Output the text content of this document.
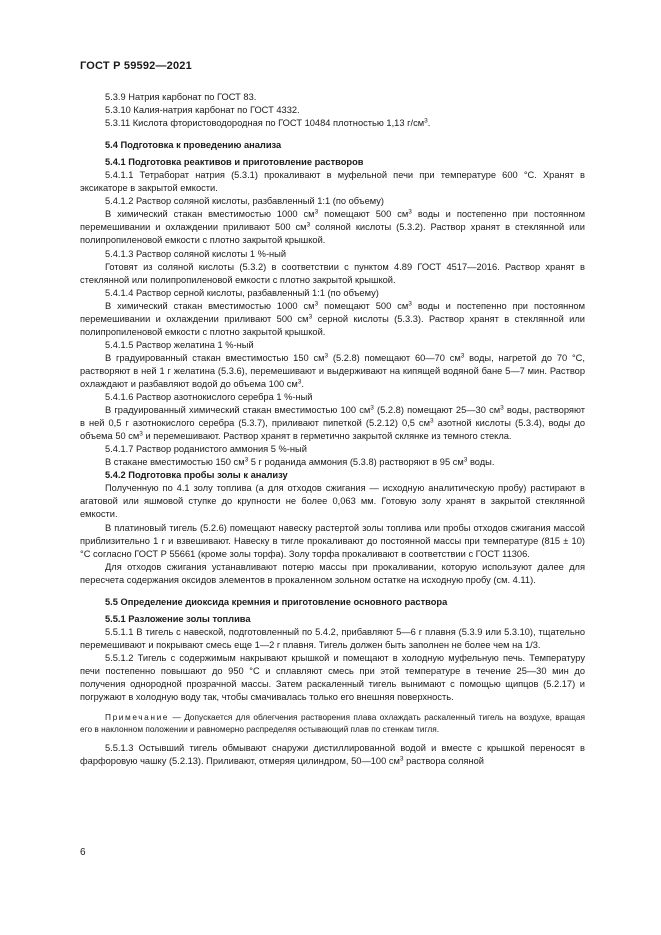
ГОСТ Р 59592—2021

5.3.9 Натрия карбонат по ГОСТ 83.

5.3.10 Калия-натрия карбонат по ГОСТ 4332.

5.3.11 Кислота фтористоводородная по ГОСТ 10484 плотностью 1,13 $г/см^3$.

5.4 Подготовка к проведению анализа

5.4.1 Подготовка реактивов и приготовление растворов

5.4.1.1 Тетраборат натрия (5.3.1) прокаливают в муфельной печи при температуре 600 °С. Хранят в эксикаторе в закрытой емкости.

5.4.1.2 Раствор соляной кислоты, разбавленный 1:1 (по объему)

В химический стакан вместимостью 1000 $см^3$ помещают 500 $см^3$ воды и постепенно при постоянном перемешивании и охлаждении приливают 500 $см^3$ соляной кислоты (5.3.2). Раствор хранят в стеклянной или полипропиленовой емкости с плотно закрытой крышкой.

5.4.1.3 Раствор соляной кислоты 1 %-ный

Готовят из соляной кислоты (5.3.2) в соответствии с пунктом 4.89 ГОСТ 4517—2016. Раствор хранят в стеклянной или полипропиленовой емкости с плотно закрытой крышкой.

5.4.1.4 Раствор серной кислоты, разбавленный 1:1 (по объему)

В химический стакан вместимостью 1000 $см^3$ помещают 500 $см^3$ воды и постепенно при постоянном перемешивании и охлаждении приливают 500 $см^3$ серной кислоты (5.3.3). Раствор хранят в стеклянной или полипропиленовой емкости с плотно закрытой крышкой.

5.4.1.5 Раствор желатина 1 %-ный

В градуированный стакан вместимостью 150 $см^3$ (5.2.8) помещают 60—70 $см^3$ воды, нагретой до 70 °С, растворяют в ней 1 г желатина (5.3.6), перемешивают и выдерживают на кипящей водяной бане 5—7 мин. Раствор охлаждают и разбавляют водой до объема 100 $см^3$.

5.4.1.6 Раствор азотнокислого серебра 1 %-ный

В градуированный химический стакан вместимостью 100 $см^3$ (5.2.8) помещают 25—30 $см^3$ воды, растворяют в ней 0,5 г азотнокислого серебра (5.3.7), приливают пипеткой (5.2.12) 0,5 $см^3$ азотной кислоты (5.3.4), воды до объема 50 $см^3$ и перемешивают. Раствор хранят в герметично закрытой склянке из темного стекла.

5.4.1.7 Раствор роданистого аммония 5 %-ный

В стакане вместимостью 150 $см^3$ 5 г роданида аммония (5.3.8) растворяют в 95 $см^3$ воды.

5.4.2 Подготовка пробы золы к анализу

Полученную по 4.1 золу топлива (а для отходов сжигания — исходную аналитическую пробу) растирают в агатовой или яшмовой ступке до крупности не более 0,063 мм. Готовую золу хранят в закрытой стеклянной емкости.

В платиновый тигель (5.2.6) помещают навеску растертой золы топлива или пробы отходов сжигания массой приблизительно 1 г и взвешивают. Навеску в тигле прокаливают до постоянной массы при температуре (815 ± 10) °С согласно ГОСТ Р 55661 (кроме золы торфа). Золу торфа прокаливают в соответствии с ГОСТ 11306.

Для отходов сжигания устанавливают потерю массы при прокаливании, которую используют далее для пересчета содержания оксидов элементов в прокаленном зольном остатке на исходную пробу (см. 4.11).

5.5 Определение диоксида кремния и приготовление основного раствора

5.5.1 Разложение золы топлива

5.5.1.1 В тигель с навеской, подготовленный по 5.4.2, прибавляют 5—6 г плавня (5.3.9 или 5.3.10), тщательно перемешивают и покрывают смесь еще 1—2 г плавня. Тигель должен быть заполнен не более чем на 1/3.

5.5.1.2 Тигель с содержимым накрывают крышкой и помещают в холодную муфельную печь. Температуру печи постепенно повышают до 950 °С и сплавляют смесь при этой температуре в течение 25—30 мин до получения однородной прозрачной массы. Затем раскаленный тигель вынимают с помощью щипцов (5.2.17) и погружают в холодную воду так, чтобы смачивалась только его внешняя поверхность.

Примечание — Допускается для облегчения растворения плава охлаждать раскаленный тигель на воздухе, вращая его в наклонном положении и равномерно распределяя остывающий плав по стенкам тигля.

5.5.1.3 Остывший тигель обмывают снаружи дистиллированной водой и вместе с крышкой переносят в фарфоровую чашку (5.2.13). Приливают, отмеряя цилиндром, 50—100 $см^3$ раствора соляной

6
